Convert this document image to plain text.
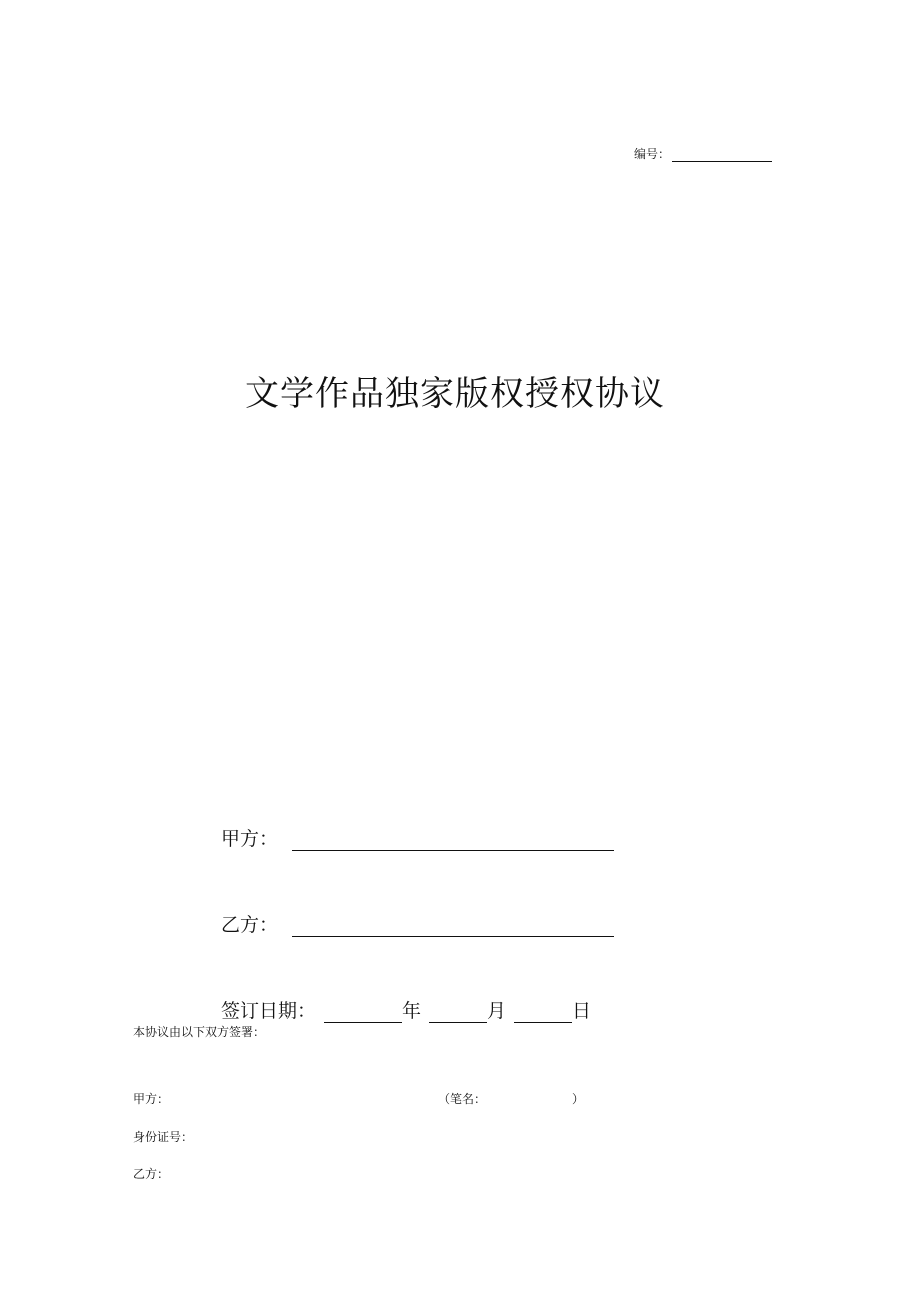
编号：
文学作品独家版权授权协议
甲方：
乙方：
签订日期：	年	月	日
本协议由以下双方签署：
甲方：	（笔名：	）
身份证号：
乙方：
